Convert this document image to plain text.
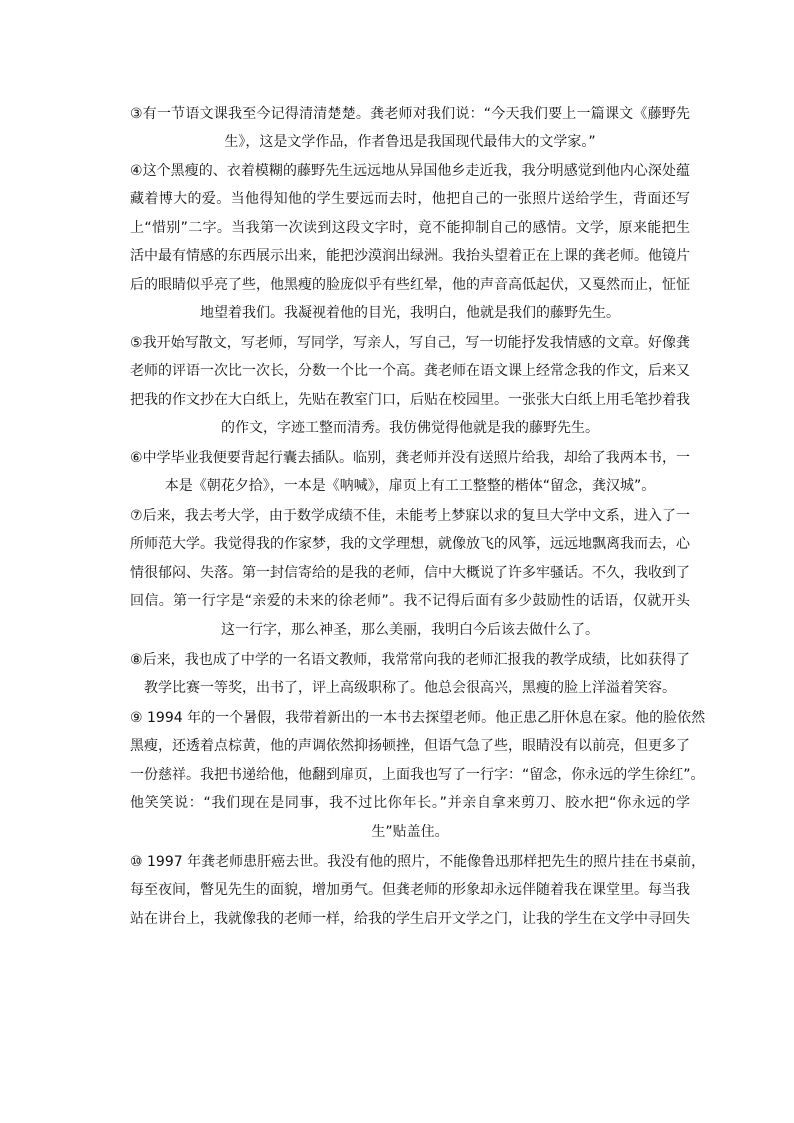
③有一节语文课我至今记得清清楚楚。龚老师对我们说：“今天我们要上一篇课文《藤野先
生》，这是文学作品，作者鲁迅是我国现代最伟大的文学家。”
④这个黑瘦的、衣着模糊的藤野先生远远地从异国他乡走近我，我分明感觉到他内心深处蕴
藏着博大的爱。当他得知他的学生要远而去时，他把自己的一张照片送给学生，背面还写
上“惜别”二字。当我第一次读到这段文字时，竟不能抑制自己的感情。文学，原来能把生
活中最有情感的东西展示出来，能把沙漠润出绿洲。我抬头望着正在上课的龚老师。他镜片
后的眼睛似乎亮了些，他黑瘦的脸庞似乎有些红晕，他的声音高低起伏，又戛然而止，怔怔
地望着我们。我凝视着他的目光，我明白，他就是我们的藤野先生。
⑤我开始写散文，写老师，写同学，写亲人，写自己，写一切能抒发我情感的文章。好像龚
老师的评语一次比一次长，分数一个比一个高。龚老师在语文课上经常念我的作文，后来又
把我的作文抄在大白纸上，先贴在教室门口，后贴在校园里。一张张大白纸上用毛笔抄着我
的作文，字迹工整而清秀。我仿佛觉得他就是我的藤野先生。
⑥中学毕业我便要背起行囊去插队。临别，龚老师并没有送照片给我，却给了我两本书，一
本是《朝花夕拾》，一本是《呐喊》，扉页上有工工整整的楷体“留念，龚汉城”。
⑦后来，我去考大学，由于数学成绩不佳，未能考上梦寐以求的复旦大学中文系，进入了一
所师范大学。我觉得我的作家梦，我的文学理想，就像放飞的风筝，远远地飘离我而去，心
情很郁闷、失落。第一封信寄给的是我的老师，信中大概说了许多牢骚话。不久，我收到了
回信。第一行字是“亲爱的未来的徐老师”。我不记得后面有多少鼓励性的话语，仅就开头
这一行字，那么神圣，那么美丽，我明白今后该去做什么了。
⑧后来，我也成了中学的一名语文教师，我常常向我的老师汇报我的教学成绩，比如获得了
教学比赛一等奖，出书了，评上高级职称了。他总会很高兴，黑瘦的脸上洋溢着笑容。
⑨ 1994 年的一个暑假，我带着新出的一本书去探望老师。他正患乙肝休息在家。他的脸依然
黑瘦，还透着点棕黄，他的声调依然抑扬顿挫，但语气急了些，眼睛没有以前亮，但更多了
一份慈祥。我把书递给他，他翻到扉页，上面我也写了一行字：“留念，你永远的学生徐红”。
他笑笑说：“我们现在是同事，我不过比你年长。”并亲自拿来剪刀、胶水把“你永远的学
生”贴盖住。
⑩ 1997 年龚老师患肝癌去世。我没有他的照片，不能像鲁迅那样把先生的照片挂在书桌前，
每至夜间，瞥见先生的面貌，增加勇气。但龚老师的形象却永远伴随着我在课堂里。每当我
站在讲台上，我就像我的老师一样，给我的学生启开文学之门，让我的学生在文学中寻回失
